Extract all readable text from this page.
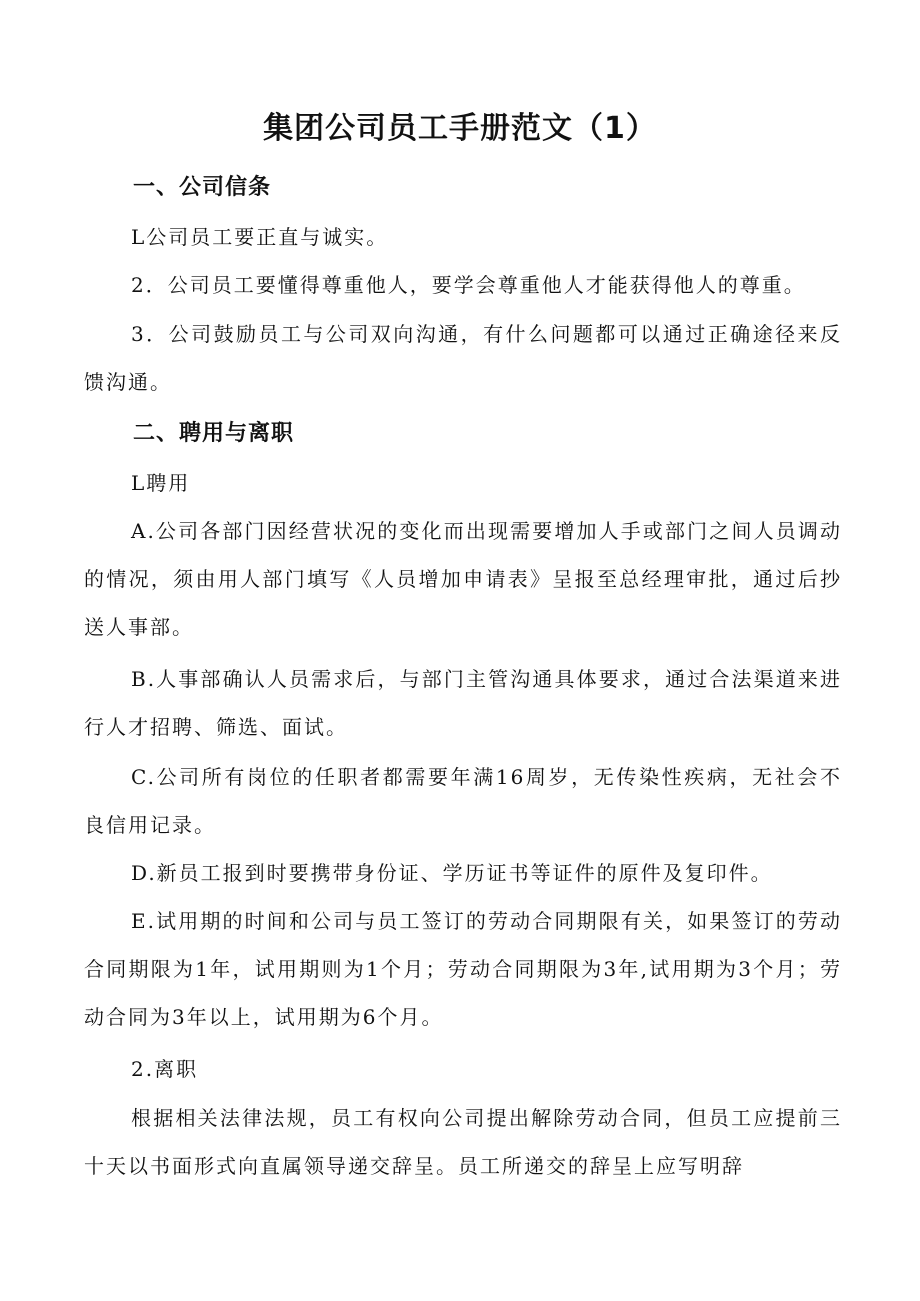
集团公司员工手册范文（1）
一、公司信条

L公司员工要正直与诚实。

2．公司员工要懂得尊重他人，要学会尊重他人才能获得他人的尊重。

3．公司鼓励员工与公司双向沟通，有什么问题都可以通过正确途径来反馈沟通。

二、聘用与离职

L聘用

A.公司各部门因经营状况的变化而出现需要增加人手或部门之间人员调动的情况，须由用人部门填写《人员增加申请表》呈报至总经理审批，通过后抄送人事部。

B.人事部确认人员需求后，与部门主管沟通具体要求，通过合法渠道来进行人才招聘、筛选、面试。

C.公司所有岗位的任职者都需要年满16周岁，无传染性疾病，无社会不良信用记录。

D.新员工报到时要携带身份证、学历证书等证件的原件及复印件。

E.试用期的时间和公司与员工签订的劳动合同期限有关，如果签订的劳动合同期限为1年，试用期则为1个月；劳动合同期限为3年,试用期为3个月；劳动合同为3年以上，试用期为6个月。

2.离职

根据相关法律法规，员工有权向公司提出解除劳动合同，但员工应提前三十天以书面形式向直属领导递交辞呈。员工所递交的辞呈上应写明辞
